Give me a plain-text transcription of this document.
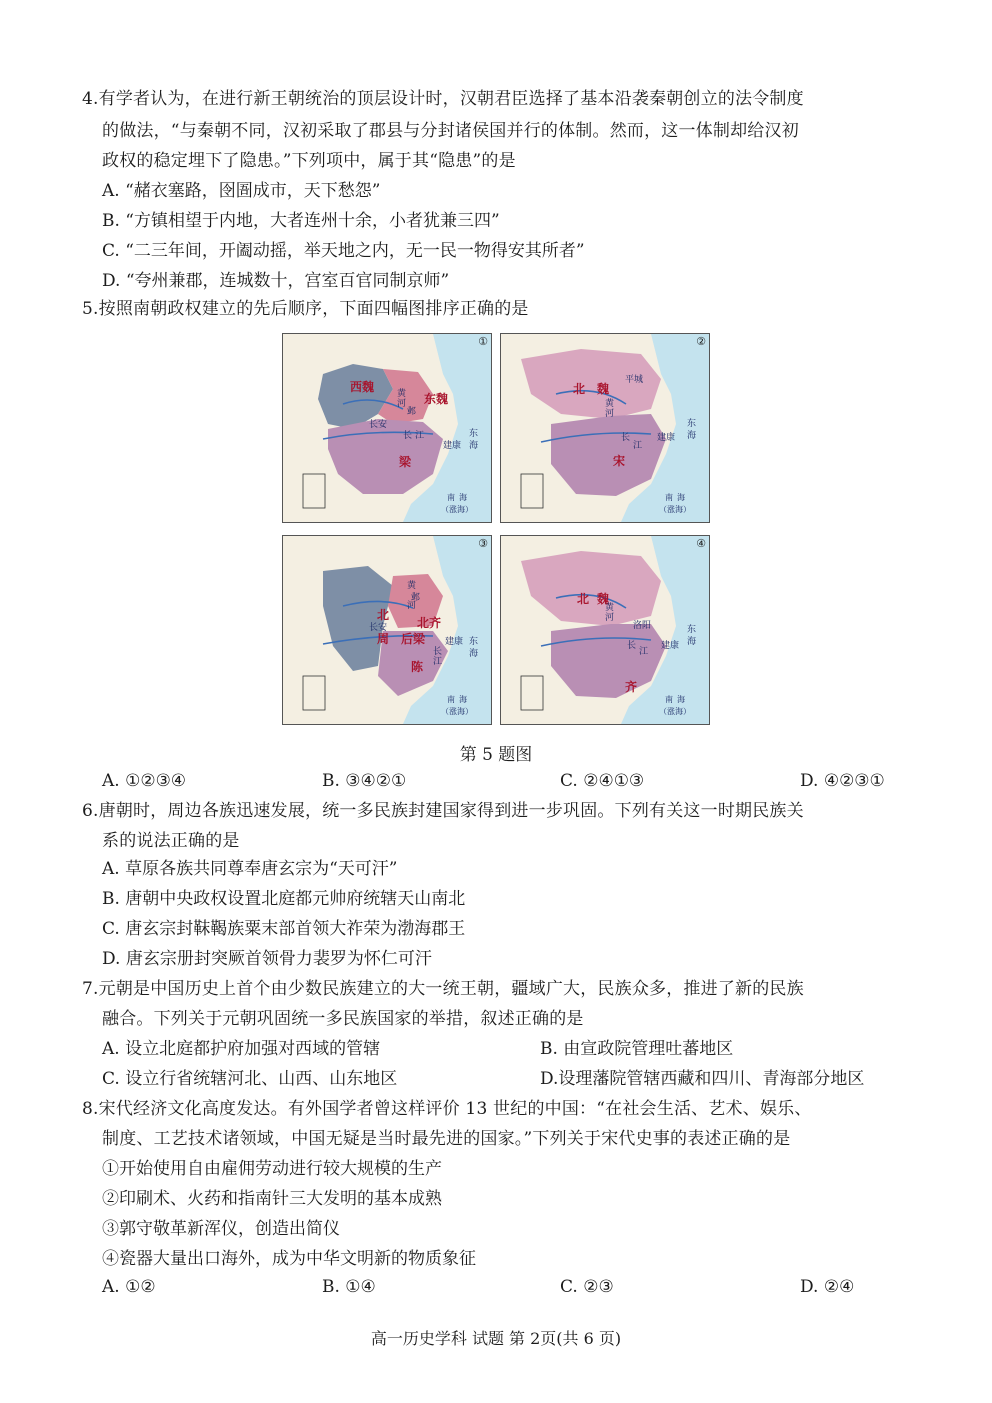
4.有学者认为，在进行新王朝统治的顶层设计时，汉朝君臣选择了基本沿袭秦朝创立的法令制度
的做法，“与秦朝不同，汉初采取了郡县与分封诸侯国并行的体制。然而，这一体制却给汉初
政权的稳定埋下了隐患。”下列项中，属于其“隐患”的是
A. “赭衣塞路，囹圄成市，天下愁怨”
B. “方镇相望于内地，大者连州十余，小者犹兼三四”
C. “二三年间，开阖动摇，举天地之内，无一民一物得安其所者”
D. “夸州兼郡，连城数十，宫室百官同制京师”
5.按照南朝政权建立的先后顺序，下面四幅图排序正确的是
①
西魏
东魏
长安
邺
梁
建康
黄
河
长 江	东
海
南 海
（涨海）
②
北 魏
平城
宋
建康
黄
河
长
江
东
海
南 海
（涨海）
③
北
周
长安 北齐
邺
后梁
陈
建康
黄
河
长
江
东
海
南 海
（涨海）
④
北 魏
洛阳
齐
建康
黄
河
长
江
东
海
南 海
（涨海）
第 5 题图
A. ①②③④	B. ③④②①	C. ②④①③	D. ④②③①
6.唐朝时，周边各族迅速发展，统一多民族封建国家得到进一步巩固。下列有关这一时期民族关
系的说法正确的是
A. 草原各族共同尊奉唐玄宗为“天可汗”
B. 唐朝中央政权设置北庭都元帅府统辖天山南北
C. 唐玄宗封靺鞨族粟末部首领大祚荣为渤海郡王
D. 唐玄宗册封突厥首领骨力裴罗为怀仁可汗
7.元朝是中国历史上首个由少数民族建立的大一统王朝，疆域广大，民族众多，推进了新的民族
融合。下列关于元朝巩固统一多民族国家的举措，叙述正确的是
A. 设立北庭都护府加强对西域的管辖	B. 由宣政院管理吐蕃地区
C. 设立行省统辖河北、山西、山东地区	D.设理藩院管辖西藏和四川、青海部分地区
8.宋代经济文化高度发达。有外国学者曾这样评价 13 世纪的中国：“在社会生活、艺术、娱乐、
制度、工艺技术诸领域，中国无疑是当时最先进的国家。”下列关于宋代史事的表述正确的是
①开始使用自由雇佣劳动进行较大规模的生产
②印刷术、火药和指南针三大发明的基本成熟
③郭守敬革新浑仪，创造出简仪
④瓷器大量出口海外，成为中华文明新的物质象征
A. ①②	B. ①④	C. ②③	D. ②④
高一历史学科 试题 第 2页(共 6 页)
